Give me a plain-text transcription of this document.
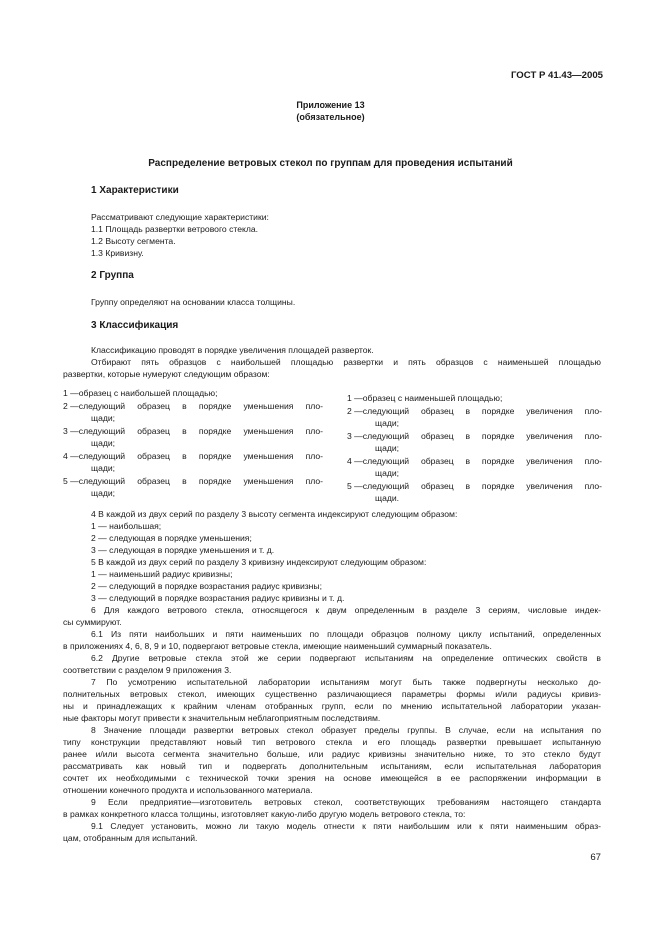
ГОСТ Р 41.43—2005
Приложение 13
(обязательное)
Распределение ветровых стекол по группам для проведения испытаний
1 Характеристики
Рассматривают следующие характеристики:
1.1 Площадь развертки ветрового стекла.
1.2 Высоту сегмента.
1.3 Кривизну.
2 Группа
Группу определяют на основании класса толщины.
3 Классификация
Классификацию проводят в порядке увеличения площадей разверток.
Отбирают пять образцов с наибольшей площадью развертки и пять образцов с наименьшей площадью
развертки, которые нумеруют следующим образом:
1 — образец с наибольшей площадью;
2 — следующий образец в порядке уменьшения пло-
щади;
3 — следующий образец в порядке уменьшения пло-
щади;
4 — следующий образец в порядке уменьшения пло-
щади;
5 — следующий образец в порядке уменьшения пло-
щади;
1 — образец с наименьшей площадью;
2 — следующий образец в порядке увеличения пло-
щади;
3 — следующий образец в порядке увеличения пло-
щади;
4 — следующий образец в порядке увеличения пло-
щади;
5 — следующий образец в порядке увеличения пло-
щади.
4 В каждой из двух серий по разделу 3 высоту сегмента индексируют следующим образом:
1 — наибольшая;
2 — следующая в порядке уменьшения;
3 — следующая в порядке уменьшения и т. д.
5 В каждой из двух серий по разделу 3 кривизну индексируют следующим образом:
1 — наименьший радиус кривизны;
2 — следующий в порядке возрастания радиус кривизны;
3 — следующий в порядке возрастания радиус кривизны и т. д.
6 Для каждого ветрового стекла, относящегося к двум определенным в разделе 3 сериям, числовые индек-
сы суммируют.
6.1 Из пяти наибольших и пяти наименьших по площади образцов полному циклу испытаний, определенных
в приложениях 4, 6, 8, 9 и 10, подвергают ветровые стекла, имеющие наименьший суммарный показатель.
6.2 Другие ветровые стекла этой же серии подвергают испытаниям на определение оптических свойств в
соответствии с разделом 9 приложения 3.
7 По усмотрению испытательной лаборатории испытаниям могут быть также подвергнуты несколько до-
полнительных ветровых стекол, имеющих существенно различающиеся параметры формы и/или радиусы кривиз-
ны и принадлежащих к крайним членам отобранных групп, если по мнению испытательной лаборатории указан-
ные факторы могут привести к значительным неблагоприятным последствиям.
8 Значение площади развертки ветровых стекол образует пределы группы. В случае, если на испытания по
типу конструкции представляют новый тип ветрового стекла и его площадь развертки превышает испытанную
ранее и/или высота сегмента значительно больше, или радиус кривизны значительно ниже, то это стекло будут
рассматривать как новый тип и подвергать дополнительным испытаниям, если испытательная лаборатория
сочтет их необходимыми с технической точки зрения на основе имеющейся в ее распоряжении информации в
отношении конечного продукта и использованного материала.
9 Если предприятие—изготовитель ветровых стекол, соответствующих требованиям настоящего стандарта
в рамках конкретного класса толщины, изготовляет какую-либо другую модель ветрового стекла, то:
9.1 Следует установить, можно ли такую модель отнести к пяти наибольшим или к пяти наименьшим образ-
цам, отобранным для испытаний.
67
